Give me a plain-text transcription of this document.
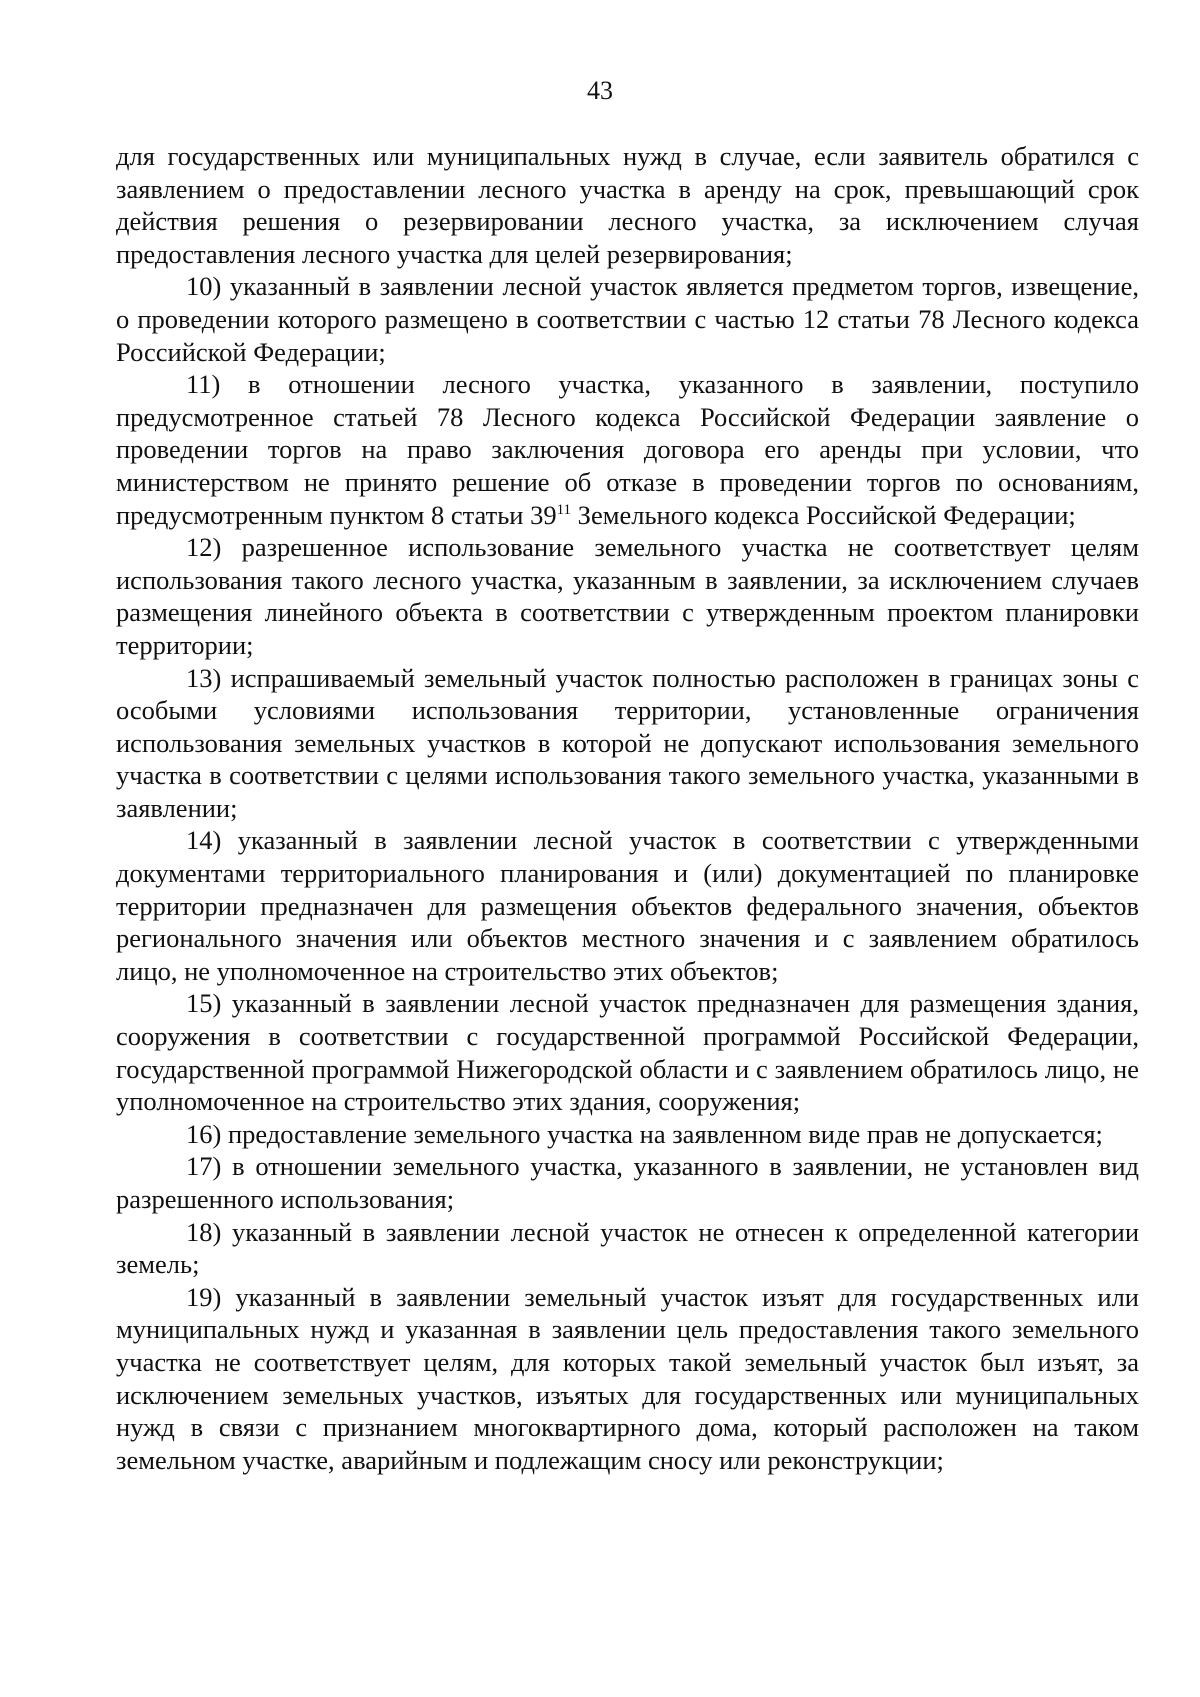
43

для государственных или муниципальных нужд в случае, если заявитель обратился с заявлением о предоставлении лесного участка в аренду на срок, превышающий срок действия решения о резервировании лесного участка, за исключением случая предоставления лесного участка для целей резервирования;

10) указанный в заявлении лесной участок является предметом торгов, извещение, о проведении которого размещено в соответствии с частью 12 статьи 78 Лесного кодекса Российской Федерации;

11) в отношении лесного участка, указанного в заявлении, поступило предусмотренное статьей 78 Лесного кодекса Российской Федерации заявление о проведении торгов на право заключения договора его аренды при условии, что министерством не принято решение об отказе в проведении торгов по основаниям, предусмотренным пунктом 8 статьи $39^{11}$ Земельного кодекса Российской Федерации;

12) разрешенное использование земельного участка не соответствует целям использования такого лесного участка, указанным в заявлении, за исключением случаев размещения линейного объекта в соответствии с утвержденным проектом планировки территории;

13) испрашиваемый земельный участок полностью расположен в границах зоны с особыми условиями использования территории, установленные ограничения использования земельных участков в которой не допускают использования земельного участка в соответствии с целями использования такого земельного участка, указанными в заявлении;

14) указанный в заявлении лесной участок в соответствии с утвержденными документами территориального планирования и (или) документацией по планировке территории предназначен для размещения объектов федерального значения, объектов регионального значения или объектов местного значения и с заявлением обратилось лицо, не уполномоченное на строительство этих объектов;

15) указанный в заявлении лесной участок предназначен для размещения здания, сооружения в соответствии с государственной программой Российской Федерации, государственной программой Нижегородской области и с заявлением обратилось лицо, не уполномоченное на строительство этих здания, сооружения;

16) предоставление земельного участка на заявленном виде прав не допускается;

17) в отношении земельного участка, указанного в заявлении, не установлен вид разрешенного использования;

18) указанный в заявлении лесной участок не отнесен к определенной категории земель;

19) указанный в заявлении земельный участок изъят для государственных или муниципальных нужд и указанная в заявлении цель предоставления такого земельного участка не соответствует целям, для которых такой земельный участок был изъят, за исключением земельных участков, изъятых для государственных или муниципальных нужд в связи с признанием многоквартирного дома, который расположен на таком земельном участке, аварийным и подлежащим сносу или реконструкции;
